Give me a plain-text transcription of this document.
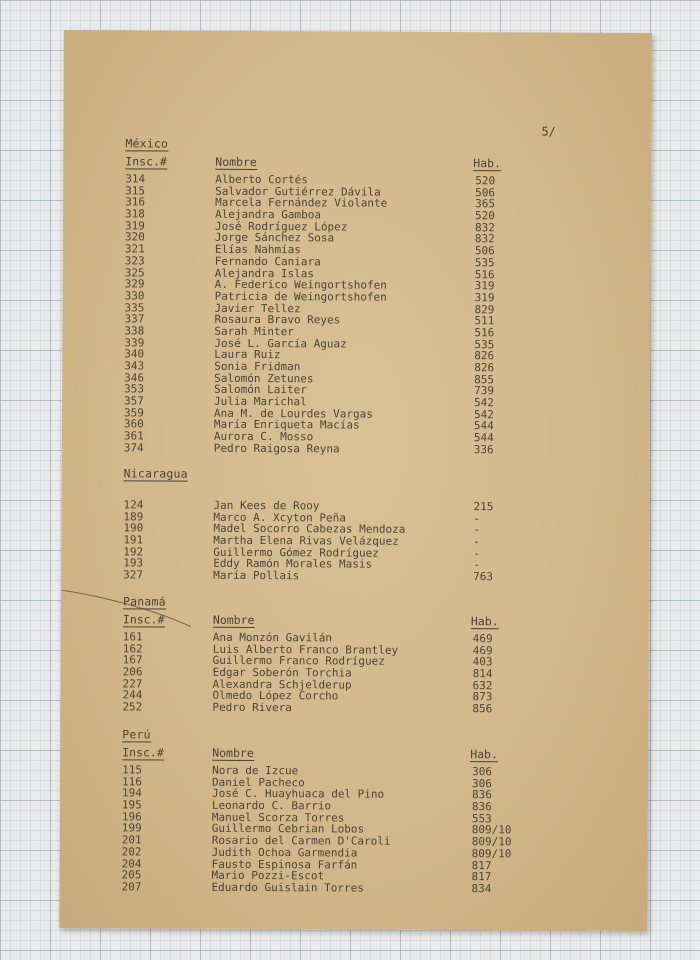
5/
México
Insc.#	Nombre	Hab.
314	Alberto Cortés	520
315	Salvador Gutiérrez Dávila	506
316	Marcela Fernández Violante	365
318	Alejandra Gamboa	520
319	José Rodríguez López	832
320	Jorge Sánchez Sosa	832
321	Elías Nahmías	506
323	Fernando Caniara	535
325	Alejandra Islas	516
329	A. Federico Weingortshofen	319
330	Patricia de Weingortshofen	319
335	Javier Tellez	829
337	Rosaura Bravo Reyes	511
338	Sarah Minter	516
339	José L. García Aguaz	535
340	Laura Ruiz	826
343	Sonia Fridman	826
346	Salomón Zetunes	855
353	Salomón Laiter	739
357	Julia Marichal	542
359	Ana M. de Lourdes Vargas	542
360	María Enriqueta Macías	544
361	Aurora C. Mosso	544
374	Pedro Raigosa Reyna	336
Nicaragua
124	Jan Kees de Rooy	215
189	Marco A. Xcyton Peña	-
190	Madel Socorro Cabezas Mendoza	-
191	Martha Elena Rivas Velázquez	-
192	Guillermo Gómez Rodríguez	-
193	Eddy Ramón Morales Masis	-
327	María Pollais	763
Panamá
Insc.#	Nombre	Hab.
161	Ana Monzón Gavilán	469
162	Luis Alberto Franco Brantley	469
167	Guillermo Franco Rodríguez	403
206	Edgar Soberón Torchia	814
227	Alexandra Schjelderup	632
244	Olmedo López Corcho	873
252	Pedro Rivera	856
Perú
Insc.#	Nombre	Hab.
115	Nora de Izcue	306
116	Daniel Pacheco	306
194	José C. Huayhuaca del Pino	836
195	Leonardo C. Barrio	836
196	Manuel Scorza Torres	553
199	Guillermo Cebrian Lobos	809/10
201	Rosario del Carmen D'Caroli	809/10
202	Judith Ochoa Garmendia	809/10
204	Fausto Espinosa Farfán	817
205	Mario Pozzi-Escot	817
207	Eduardo Guislain Torres	834
